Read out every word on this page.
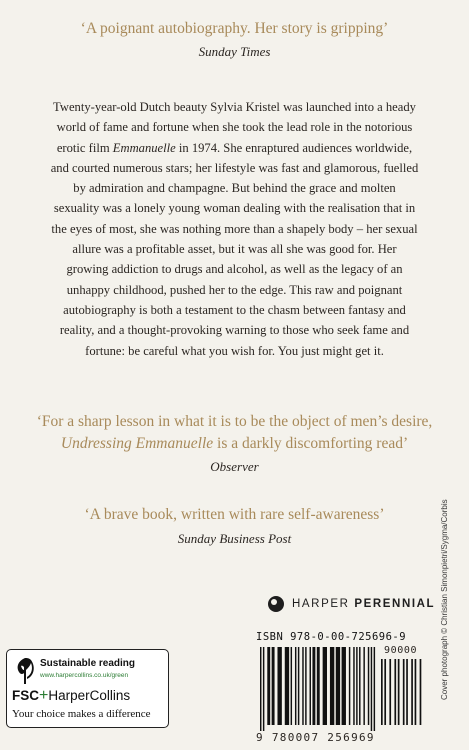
‘A poignant autobiography. Her story is gripping’
Sunday Times
Twenty-year-old Dutch beauty Sylvia Kristel was launched into a heady world of fame and fortune when she took the lead role in the notorious erotic film Emmanuelle in 1974. She enraptured audiences worldwide, and courted numerous stars; her lifestyle was fast and glamorous, fuelled by admiration and champagne. But behind the grace and molten sexuality was a lonely young woman dealing with the realisation that in the eyes of most, she was nothing more than a shapely body – her sexual allure was a profitable asset, but it was all she was good for. Her growing addiction to drugs and alcohol, as well as the legacy of an unhappy childhood, pushed her to the edge. This raw and poignant autobiography is both a testament to the chasm between fantasy and reality, and a thought-provoking warning to those who seek fame and fortune: be careful what you wish for. You just might get it.
‘For a sharp lesson in what it is to be the object of men’s desire,
Undressing Emmanuelle is a darkly discomforting read’
Observer
‘A brave book, written with rare self-awareness’
Sunday Business Post	Cover photograph © Christian Simonpietri/Sygma/Corbis
HARPER PERENNIAL
Sustainable reading
www.harpercollins.co.uk/green
FSC+HarperCollins
Your choice makes a difference
ISBN 978-0-00-725696-9
90000
9 780007 256969
